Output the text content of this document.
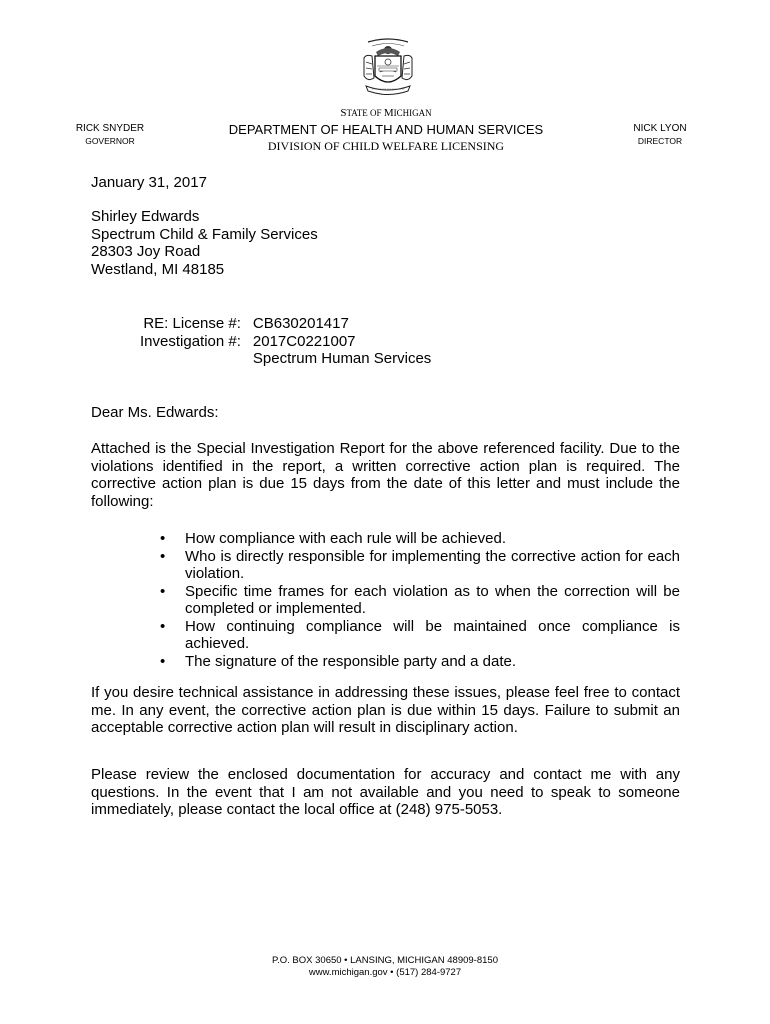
RICK SNYDER
GOVERNOR
STATE OF MICHIGAN
DEPARTMENT OF HEALTH AND HUMAN SERVICES
DIVISION OF CHILD WELFARE LICENSING
NICK LYON
DIRECTOR
January 31, 2017
Shirley Edwards
Spectrum Child & Family Services
28303 Joy Road
Westland, MI 48185
RE: License #:	CB630201417
Investigation #:	2017C0221007
	Spectrum Human Services
Dear Ms. Edwards:
Attached is the Special Investigation Report for the above referenced facility. Due to the violations identified in the report, a written corrective action plan is required. The corrective action plan is due 15 days from the date of this letter and must include the following:
• How compliance with each rule will be achieved.
• Who is directly responsible for implementing the corrective action for each violation.
• Specific time frames for each violation as to when the correction will be completed or implemented.
• How continuing compliance will be maintained once compliance is achieved.
• The signature of the responsible party and a date.
If you desire technical assistance in addressing these issues, please feel free to contact me. In any event, the corrective action plan is due within 15 days. Failure to submit an acceptable corrective action plan will result in disciplinary action.
Please review the enclosed documentation for accuracy and contact me with any questions. In the event that I am not available and you need to speak to someone immediately, please contact the local office at (248) 975-5053.
P.O. BOX 30650 • LANSING, MICHIGAN 48909-8150
www.michigan.gov • (517) 284-9727
